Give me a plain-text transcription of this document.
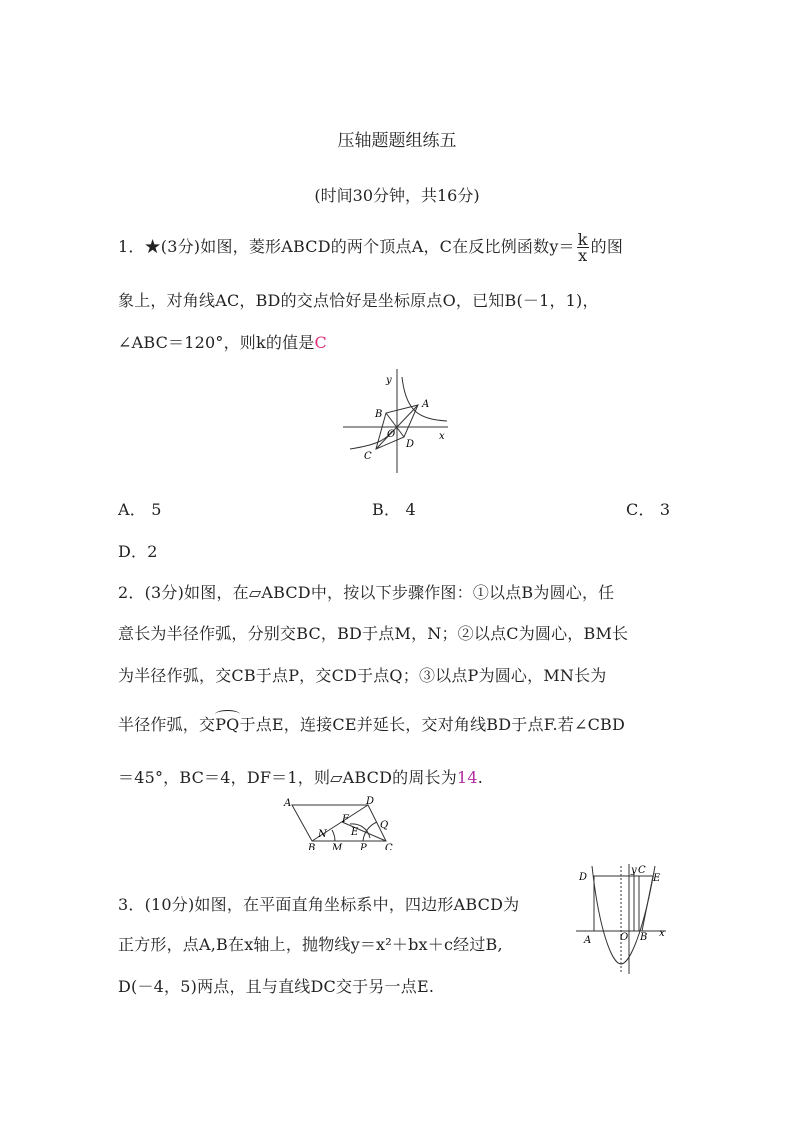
压轴题题组练五
(时间30分钟，共16分)
1．★(3分)如图，菱形ABCD的两个顶点A，C在反比例函数$y= \frac{k}{x}$ 的图
象上，对角线AC，BD的交点恰好是坐标原点O，已知B(－1，1)，
∠ABC＝120°，则k的值是C
y
x
A
B
C
D
O
A． 5	B． 4	C． 3
D．2
2．(3分)如图，在▱ABCD中，按以下步骤作图：①以点B为圆心，任
意长为半径作弧，分别交BC，BD于点M，N；②以点C为圆心，BM长
为半径作弧，交CB于点P，交CD于点Q；③以点P为圆心，MN长为
半径作弧，交PQ于点E，连接CE并延长，交对角线BD于点F.若∠CBD
＝45°，BC＝4，DF＝1，则▱ABCD的周长为14.
A	D
B	C
M P
N
F
Q
E
3．(10分)如图，在平面直角坐标系中，四边形ABCD为
正方形，点A,B在x轴上，抛物线y＝x²＋bx＋c经过B,
D(－4，5)两点，且与直线DC交于另一点E.
D
A	O B x
y C
E
